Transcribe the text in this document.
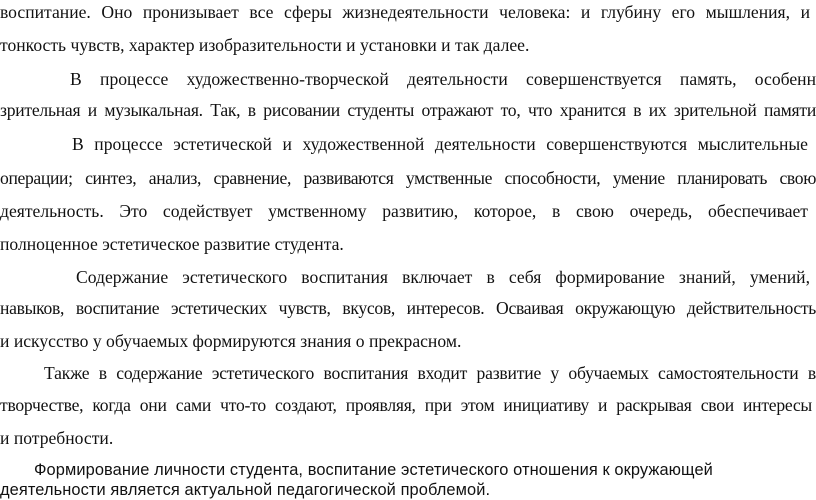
воспитание. Оно пронизывает все сферы жизнедеятельности человека: и глубину его мышления, и
тонкость чувств, характер изобразительности и установки и так далее.
В процессе художественно-творческой деятельности совершенствуется память, особенн
зрительная и музыкальная. Так, в рисовании студенты отражают то, что хранится в их зрительной памяти
В процессе эстетической и художественной деятельности совершенствуются мыслительные
операции; синтез, анализ, сравнение, развиваются умственные способности, умение планировать свою
деятельность. Это содействует умственному развитию, которое, в свою очередь, обеспечивает
полноценное эстетическое развитие студента.
Содержание эстетического воспитания включает в себя формирование знаний, умений,
навыков, воспитание эстетических чувств, вкусов, интересов. Осваивая окружающую действительность
и искусство у обучаемых формируются знания о прекрасном.
Также в содержание эстетического воспитания входит развитие у обучаемых самостоятельности в
творчестве, когда они сами что-то создают, проявляя, при этом инициативу и раскрывая свои интересы
и потребности.
Формирование личности студента, воспитание эстетического отношения к окружающей
деятельности является актуальной педагогической проблемой.
